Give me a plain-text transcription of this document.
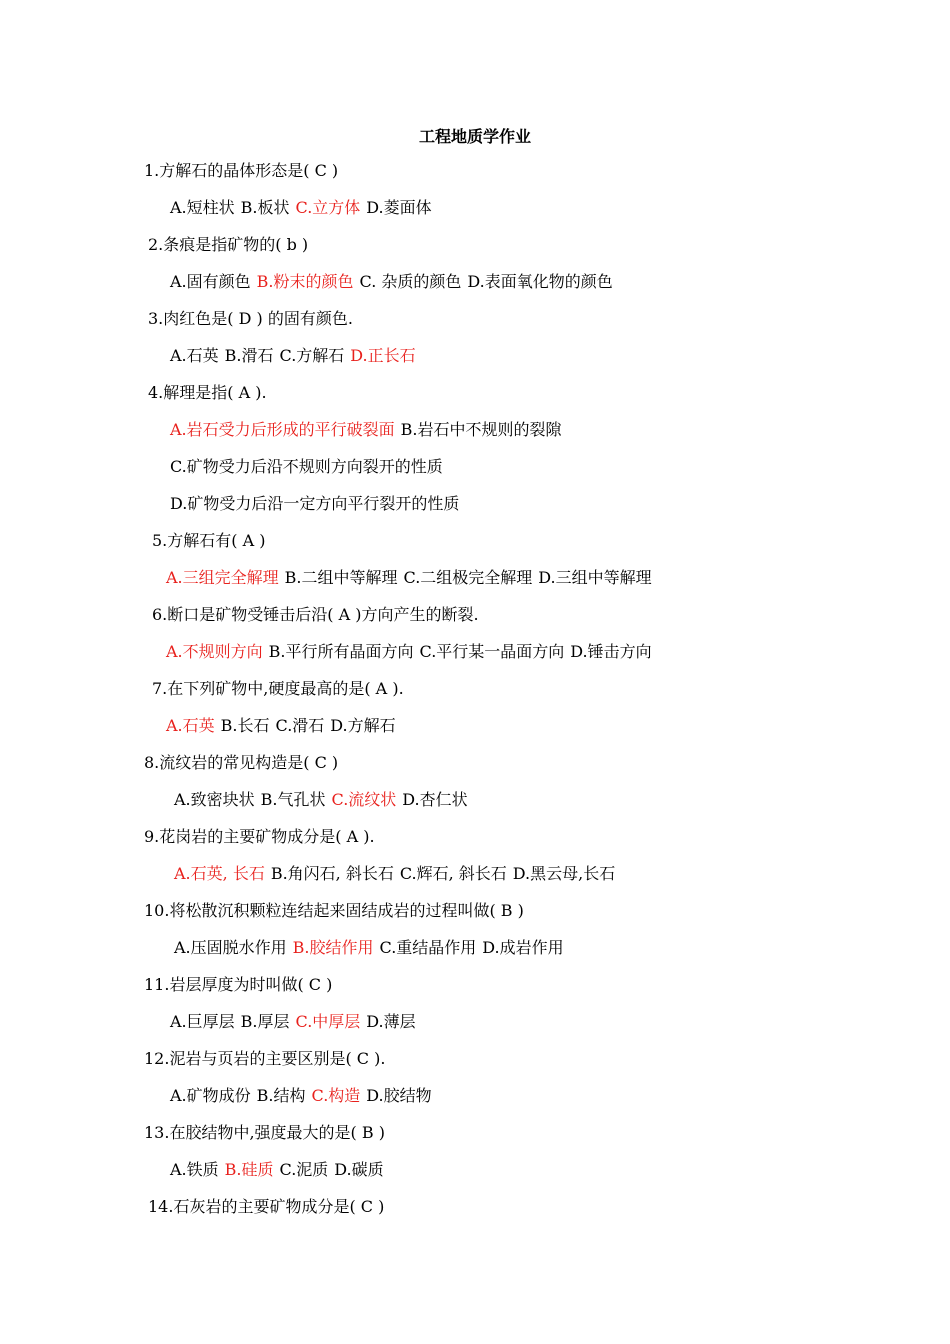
工程地质学作业
1.方解石的晶体形态是( C )
A.短柱状 B.板状 C.立方体 D.菱面体
2.条痕是指矿物的( b )
A.固有颜色 B.粉末的颜色 C. 杂质的颜色 D.表面氧化物的颜色
3.肉红色是( D ) 的固有颜色.
A.石英 B.滑石 C.方解石 D.正长石
4.解理是指( A ).
A.岩石受力后形成的平行破裂面 B.岩石中不规则的裂隙
C.矿物受力后沿不规则方向裂开的性质
D.矿物受力后沿一定方向平行裂开的性质
5.方解石有( A )
A.三组完全解理 B.二组中等解理 C.二组极完全解理 D.三组中等解理
6.断口是矿物受锤击后沿( A )方向产生的断裂.
A.不规则方向 B.平行所有晶面方向 C.平行某一晶面方向 D.锤击方向
7.在下列矿物中,硬度最高的是( A ).
A.石英 B.长石 C.滑石 D.方解石
8.流纹岩的常见构造是( C )
A.致密块状 B.气孔状 C.流纹状 D.杏仁状
9.花岗岩的主要矿物成分是( A ).
A.石英, 长石 B.角闪石, 斜长石 C.辉石, 斜长石 D.黑云母,长石
10.将松散沉积颗粒连结起来固结成岩的过程叫做( B )
A.压固脱水作用 B.胶结作用 C.重结晶作用 D.成岩作用
11.岩层厚度为时叫做( C )
A.巨厚层 B.厚层 C.中厚层 D.薄层
12.泥岩与页岩的主要区别是( C ).
A.矿物成份 B.结构 C.构造 D.胶结物
13.在胶结物中,强度最大的是( B )
A.铁质 B.硅质 C.泥质 D.碳质
14.石灰岩的主要矿物成分是( C )
